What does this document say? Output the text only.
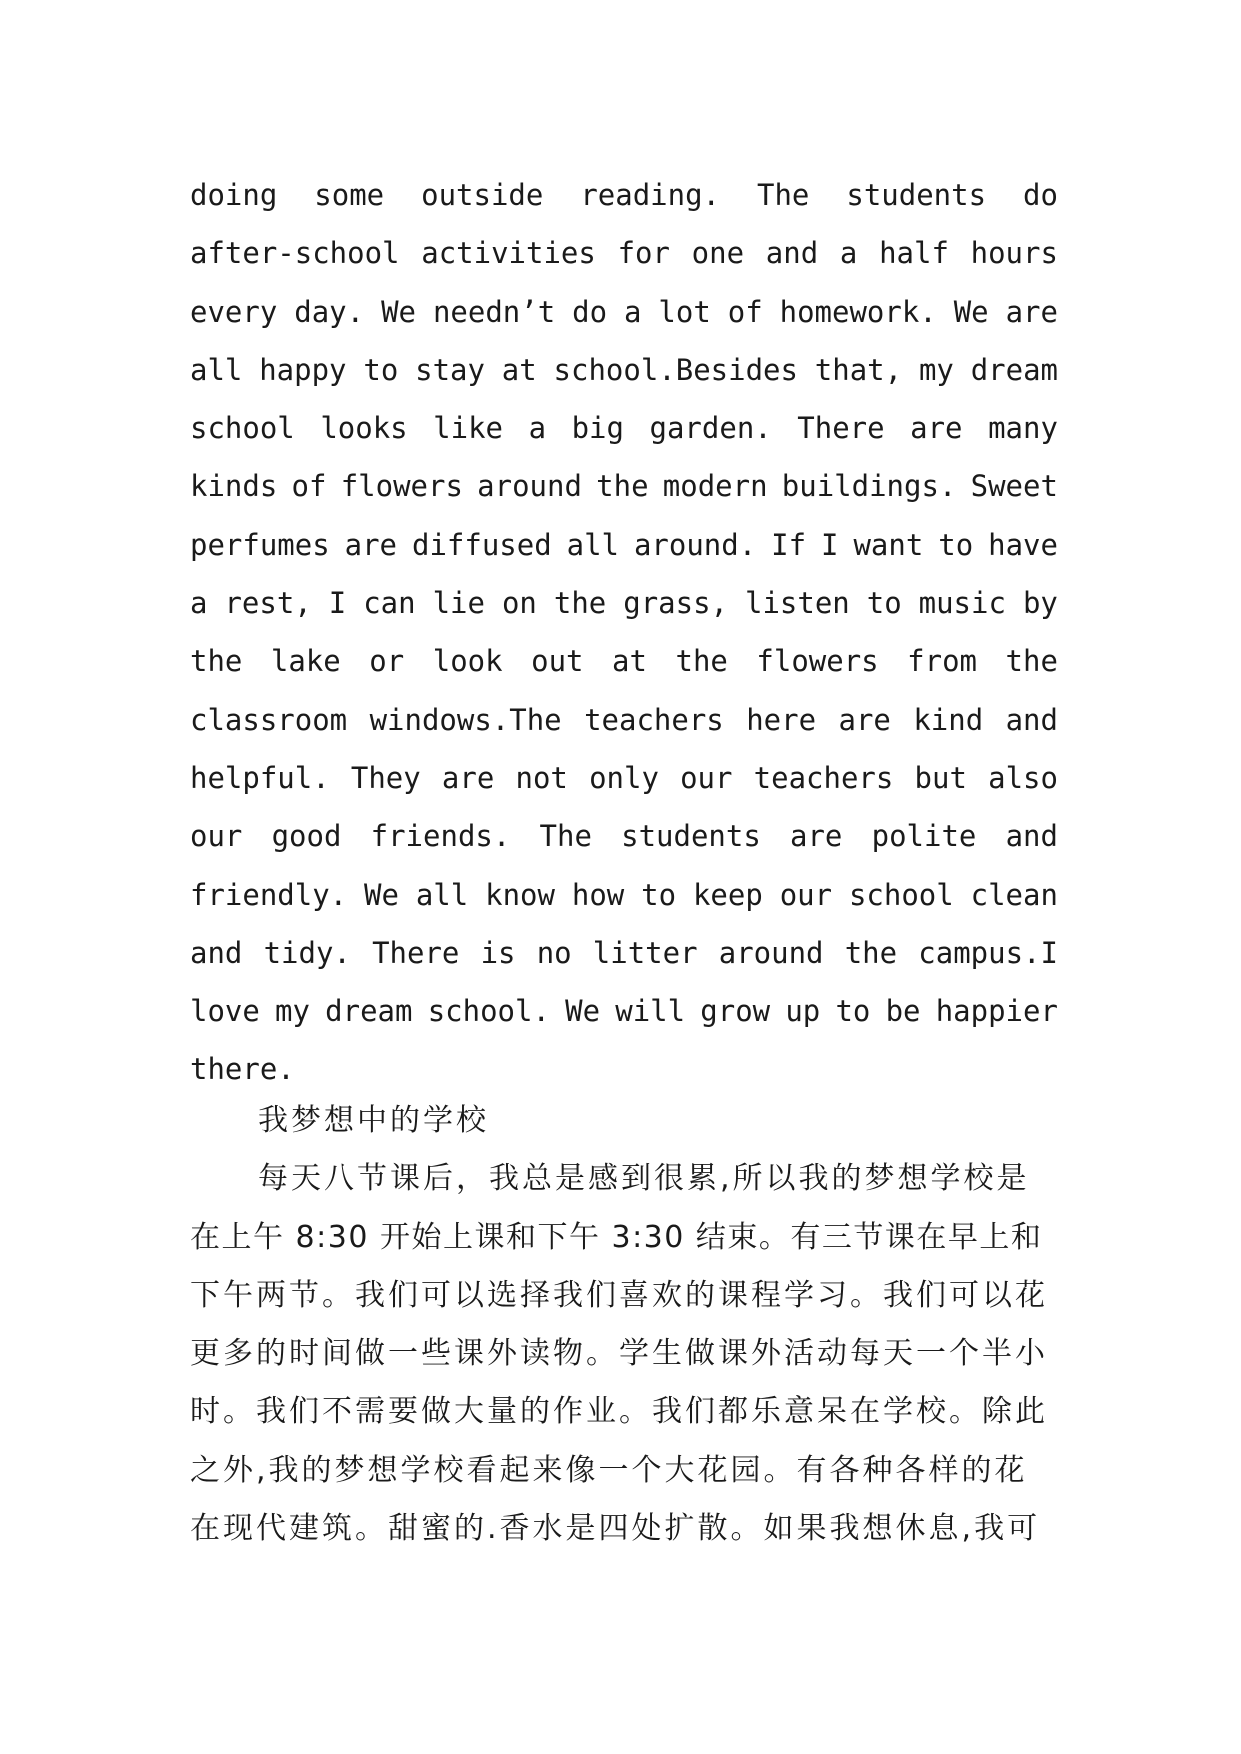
doing some outside reading. The students do
after-school activities for one and a half hours
every day. We needn’t do a lot of homework. We are
all happy to stay at school.Besides that, my dream
school looks like a big garden. There are many
kinds of flowers around the modern buildings. Sweet
perfumes are diffused all around. If I want to have
a rest, I can lie on the grass, listen to music by
the lake or look out at the flowers from the
classroom windows.The teachers here are kind and
helpful. They are not only our teachers but also
our good friends. The students are polite and
friendly. We all know how to keep our school clean
and tidy. There is no litter around the campus.I
love my dream school. We will grow up to be happier
there.
我梦想中的学校
每天八节课后，我总是感到很累,所以我的梦想学校是
在上午 8:30 开始上课和下午 3:30 结束。有三节课在早上和
下午两节。我们可以选择我们喜欢的课程学习。我们可以花
更多的时间做一些课外读物。学生做课外活动每天一个半小
时。我们不需要做大量的作业。我们都乐意呆在学校。除此
之外,我的梦想学校看起来像一个大花园。有各种各样的花
在现代建筑。甜蜜的.香水是四处扩散。如果我想休息,我可
